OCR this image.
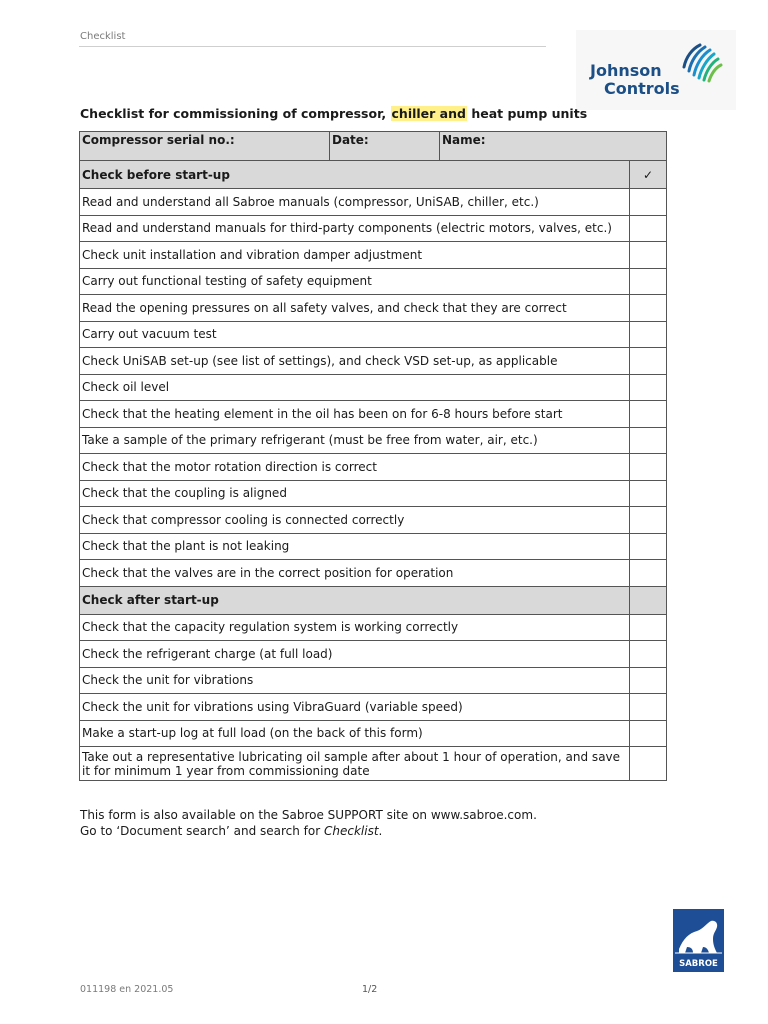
Checklist
Johnson
Controls
Checklist for commissioning of compressor, chiller and heat pump units
Compressor serial no.:	Date:	Name:	
Check before start-up			✓
Read and understand all Sabroe manuals (compressor, UniSAB, chiller, etc.)			
Read and understand manuals for third-party components (electric motors, valves, etc.)			
Check unit installation and vibration damper adjustment			
Carry out functional testing of safety equipment			
Read the opening pressures on all safety valves, and check that they are correct			
Carry out vacuum test			
Check UniSAB set-up (see list of settings), and check VSD set-up, as applicable			
Check oil level			
Check that the heating element in the oil has been on for 6-8 hours before start			
Take a sample of the primary refrigerant (must be free from water, air, etc.)			
Check that the motor rotation direction is correct			
Check that the coupling is aligned			
Check that compressor cooling is connected correctly			
Check that the plant is not leaking			
Check that the valves are in the correct position for operation			
Check after start-up			
Check that the capacity regulation system is working correctly			
Check the refrigerant charge (at full load)			
Check the unit for vibrations			
Check the unit for vibrations using VibraGuard (variable speed)			
Make a start-up log at full load (on the back of this form)			
Take out a representative lubricating oil sample after about 1 hour of operation, and save it for minimum 1 year from commissioning date			
This form is also available on the Sabroe SUPPORT site on www.sabroe.com.
Go to ‘Document search’ and search for Checklist.
SABROE
011198 en 2021.05	1/2
